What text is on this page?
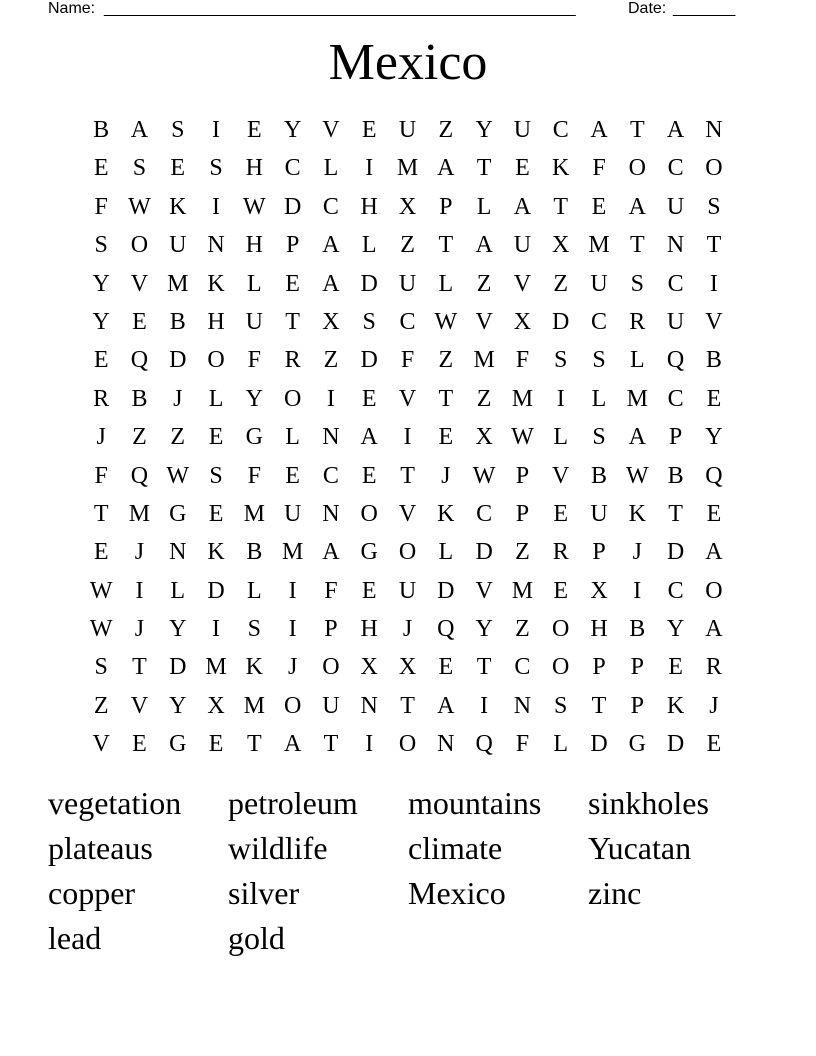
Name: _____________________________________________________	Date: _______
Mexico
B A S	I	E Y V E U Z Y U C A T A N
E	S	E	S H C L	I M A T E K F O C O
F W K	I W D C H X P	L A T E A U S
S O U N H P A L Z T A U X M T N T
Y V M K L E A D U L Z V Z U S C	I
Y E B H U T X S C W V X D C R U V
E Q D O F R Z D F	Z M F	S	S	L Q B
R B	J	L Y O	I	E V T Z M I	L M C E
J	Z Z E G L N A	I	E X W L	S A P Y
F Q W S	F	E C E T	J W P V B W B Q
T M G E M U N O V K C P	E U K T E
E	J	N K B M A G O L D Z R P	J	D A
W I	L D L	I	F	E U D V M E X	I	C O
W J	Y	I	S	I	P H	J	Q Y Z O H B Y A
S	T D M K	J	O X X E T C O P	P	E R
Z V Y X M O U N T A	I	N S	T	P K	J
V E G E T A T	I	O N Q F	L D G D E
vegetation	petroleum	mountains	sinkholes
plateaus	wildlife	climate	Yucatan
copper	silver	Mexico	zinc
lead	gold
